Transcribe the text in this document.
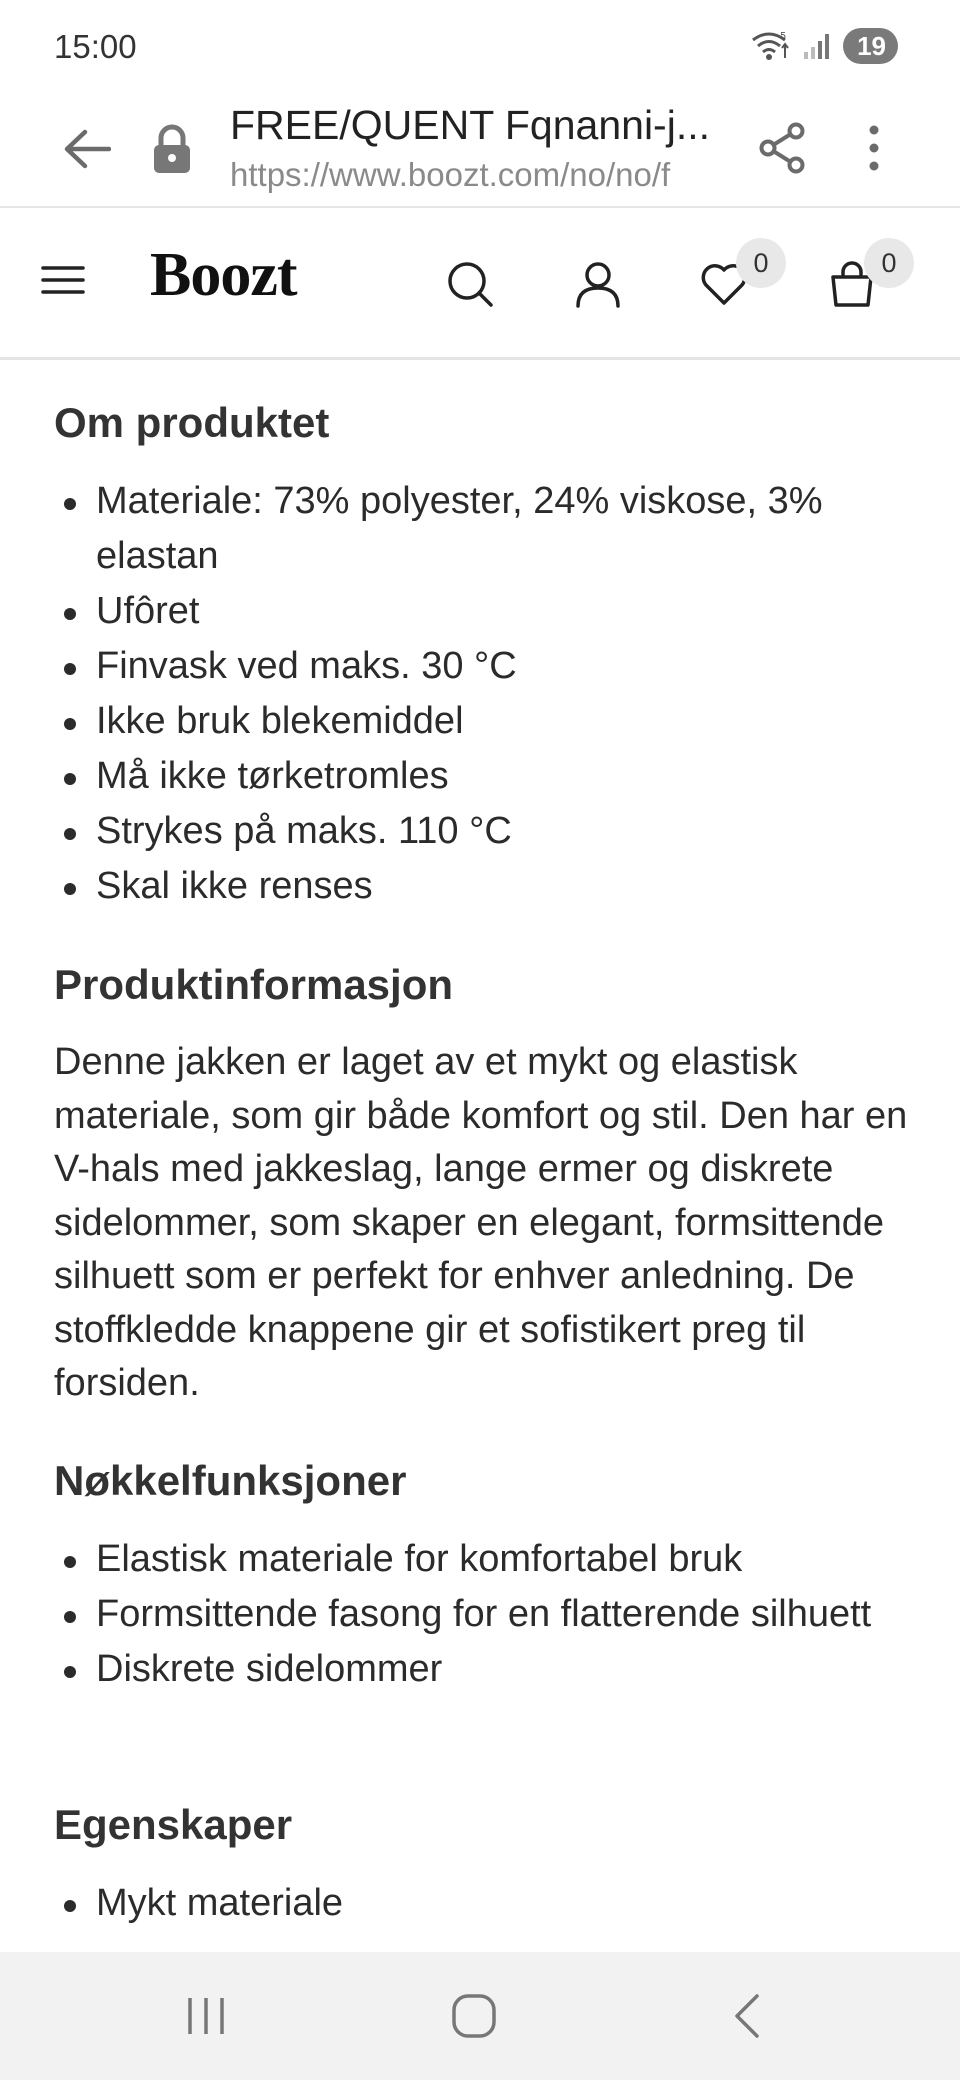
15:00	5	19
FREE/QUENT Fqnanni-j...
https://www.boozt.com/no/no/f
Boozt	0	0
Om produktet
Materiale: 73% polyester, 24% viskose, 3% elastan
Ufôret
Finvask ved maks. 30 °C
Ikke bruk blekemiddel
Må ikke tørketromles
Strykes på maks. 110 °C
Skal ikke renses
Produktinformasjon

Denne jakken er laget av et mykt og elastisk materiale, som gir både komfort og stil. Den har en V-hals med jakkeslag, lange ermer og diskrete sidelommer, som skaper en elegant, formsittende silhuett som er perfekt for enhver anledning. De stoffkledde knappene gir et sofistikert preg til forsiden.

Nøkkelfunksjoner
Elastisk materiale for komfortabel bruk
Formsittende fasong for en flatterende silhuett
Diskrete sidelommer
Egenskaper
Mykt materiale
